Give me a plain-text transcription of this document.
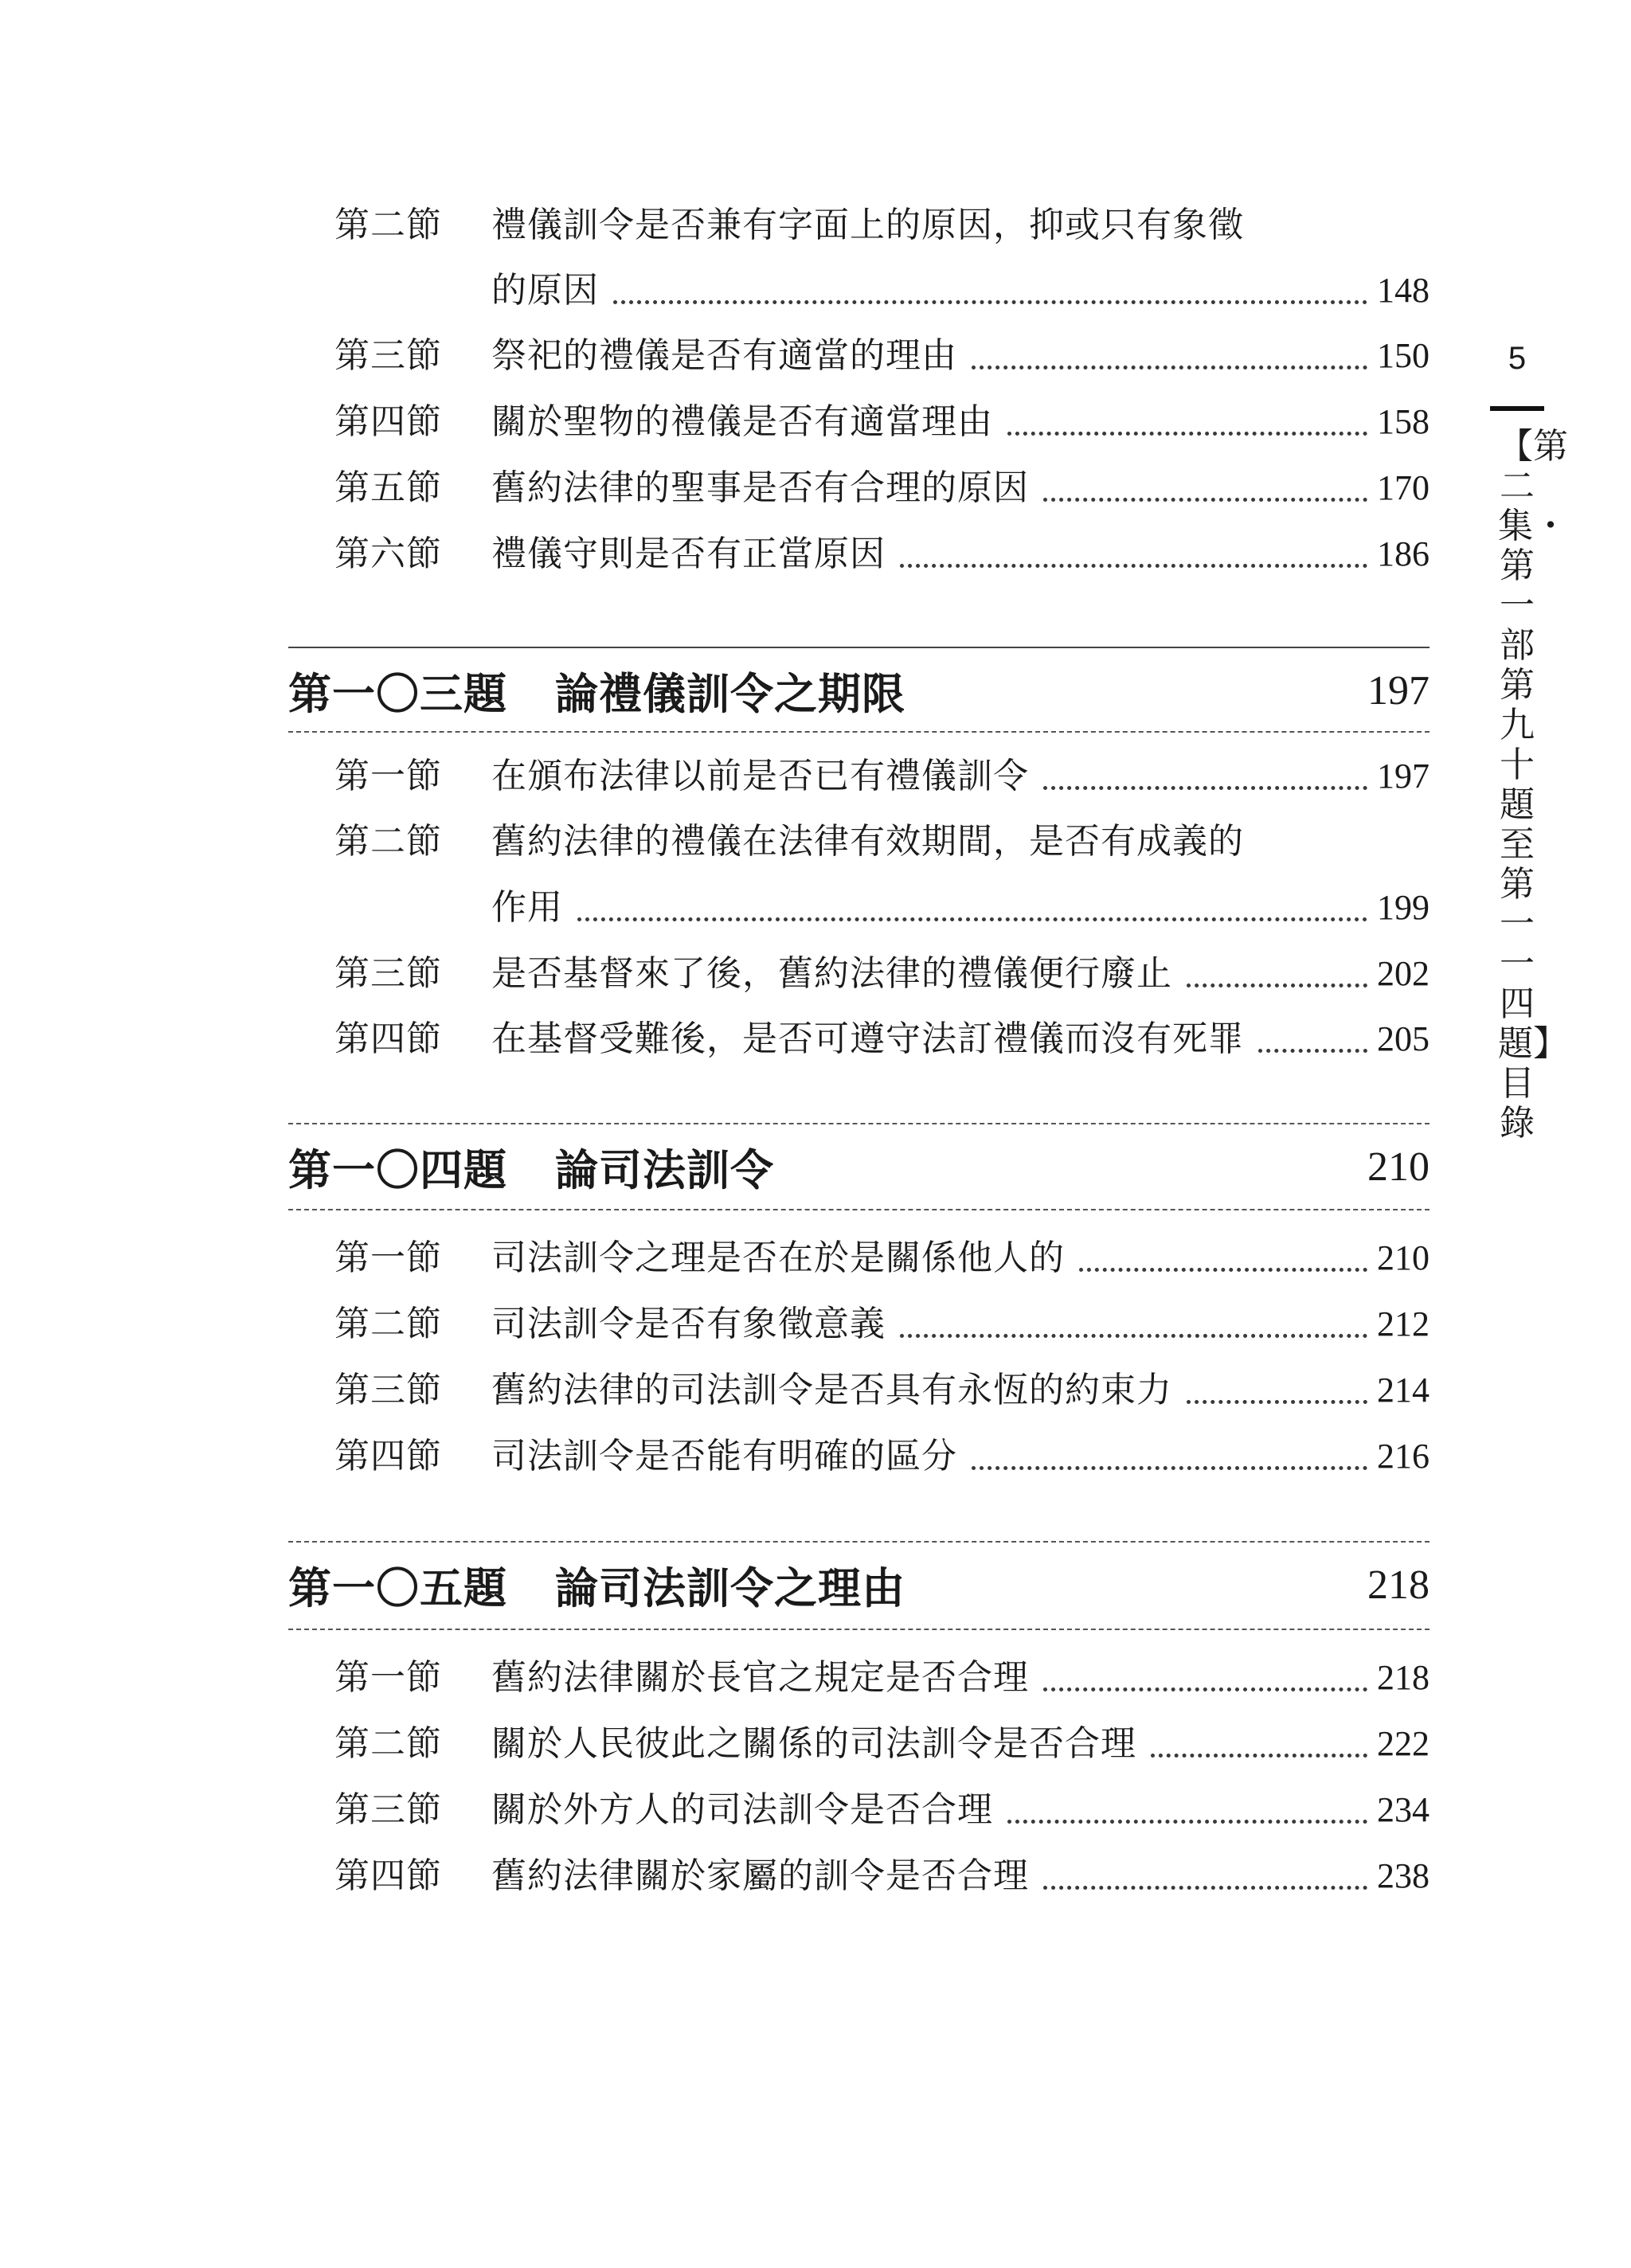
第二節	禮儀訓令是否兼有字面上的原因，抑或只有象徵
的原因	148
第三節	祭祀的禮儀是否有適當的理由	150
第四節	關於聖物的禮儀是否有適當理由	158
第五節	舊約法律的聖事是否有合理的原因	170
第六節	禮儀守則是否有正當原因	186
第一〇三題 論禮儀訓令之期限	197
第一節	在頒布法律以前是否已有禮儀訓令	197
第二節	舊約法律的禮儀在法律有效期間，是否有成義的
作用	199
第三節	是否基督來了後，舊約法律的禮儀便行廢止	202
第四節	在基督受難後，是否可遵守法訂禮儀而沒有死罪	205
第一〇四題 論司法訓令	210
第一節	司法訓令之理是否在於是關係他人的	210
第二節	司法訓令是否有象徵意義	212
第三節	舊約法律的司法訓令是否具有永恆的約束力	214
第四節	司法訓令是否能有明確的區分	216
第一〇五題 論司法訓令之理由	218
第一節	舊約法律關於長官之規定是否合理	218
第二節	關於人民彼此之關係的司法訓令是否合理	222
第三節	關於外方人的司法訓令是否合理	234
第四節	舊約法律關於家屬的訓令是否合理	238
5
【第二集・第一部 第九十題至第一一四題】目錄
